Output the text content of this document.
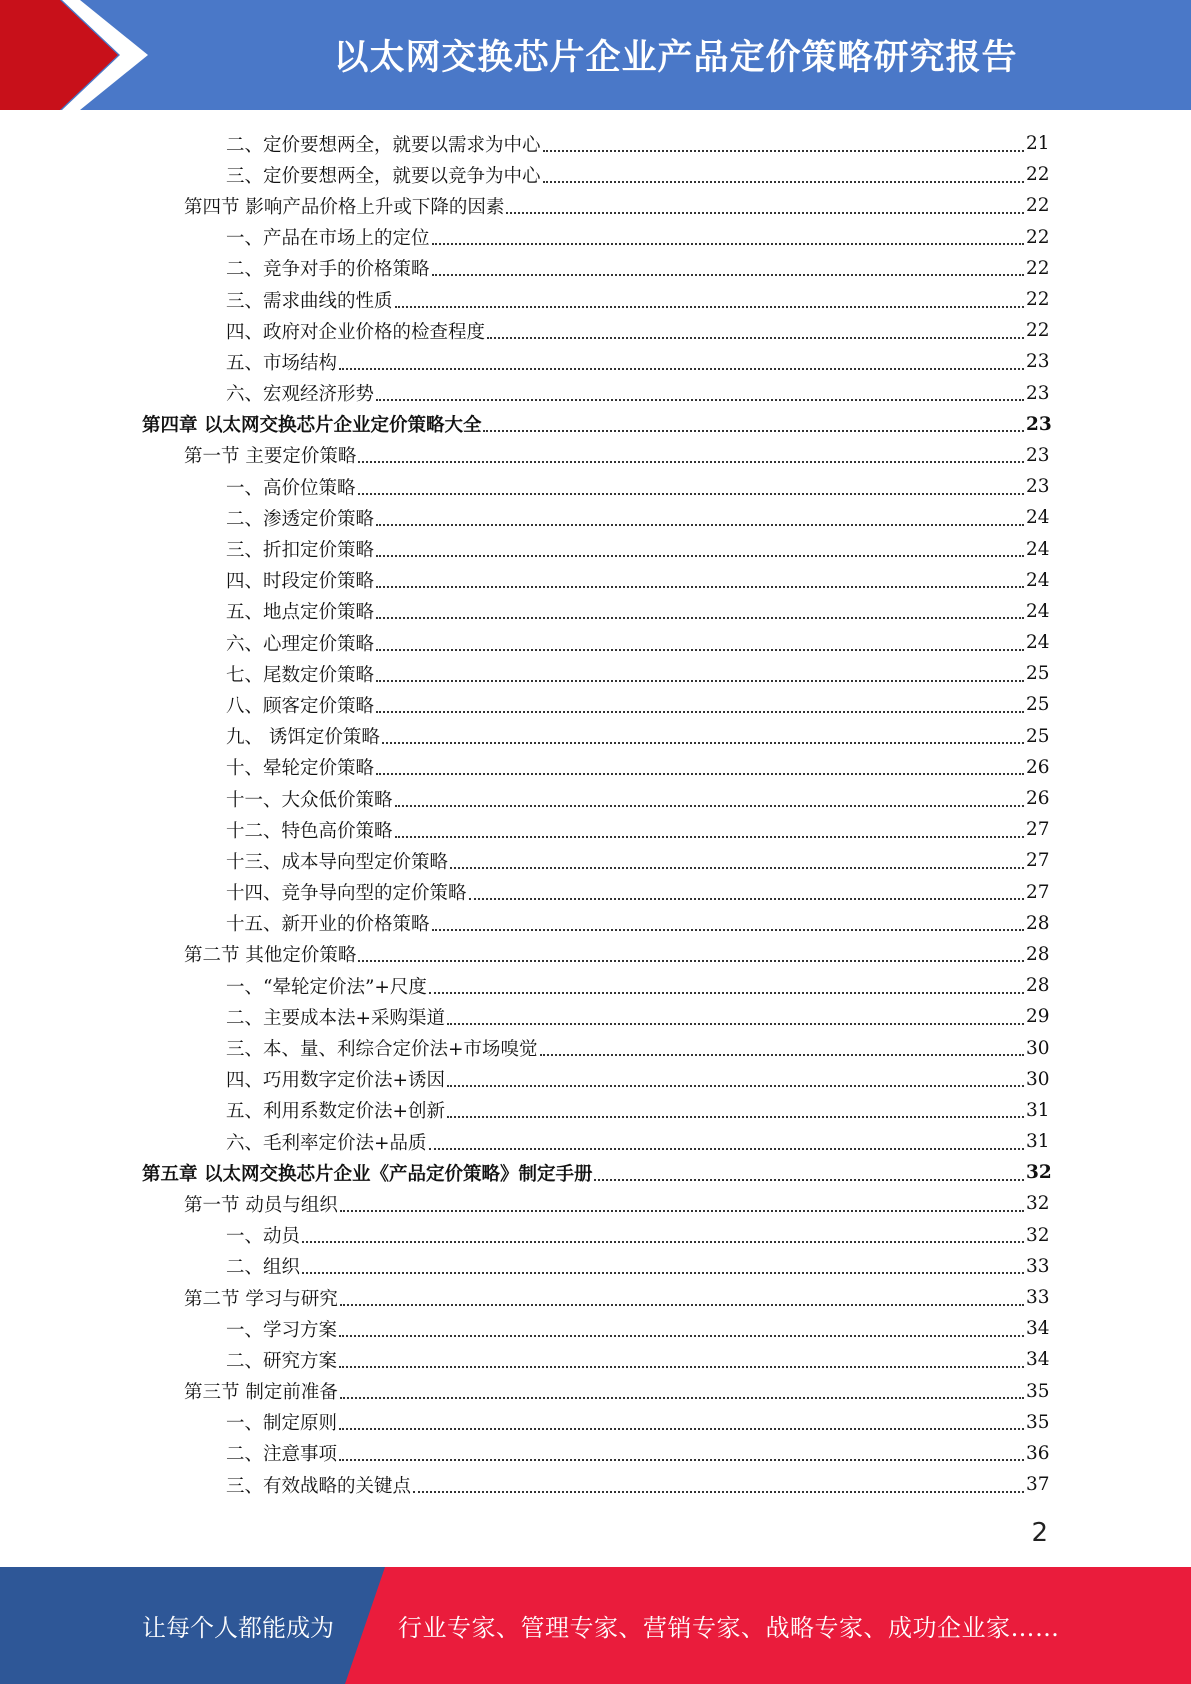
以太网交换芯片企业产品定价策略研究报告
二、定价要想两全，就要以需求为中心	21
三、定价要想两全，就要以竞争为中心	22
第四节 影响产品价格上升或下降的因素	22
一、产品在市场上的定位	22
二、竞争对手的价格策略	22
三、需求曲线的性质	22
四、政府对企业价格的检查程度	22
五、市场结构	23
六、宏观经济形势	23
第四章 以太网交换芯片企业定价策略大全	23
第一节 主要定价策略	23
一、高价位策略	23
二、渗透定价策略	24
三、折扣定价策略	24
四、时段定价策略	24
五、地点定价策略	24
六、心理定价策略	24
七、尾数定价策略	25
八、顾客定价策略	25
九、 诱饵定价策略	25
十、晕轮定价策略	26
十一、大众低价策略	26
十二、特色高价策略	27
十三、成本导向型定价策略	27
十四、竞争导向型的定价策略	27
十五、新开业的价格策略	28
第二节 其他定价策略	28
一、“晕轮定价法”+尺度	28
二、主要成本法+采购渠道	29
三、本、量、利综合定价法+市场嗅觉	30
四、巧用数字定价法+诱因	30
五、利用系数定价法+创新	31
六、毛利率定价法+品质	31
第五章 以太网交换芯片企业《产品定价策略》制定手册	32
第一节 动员与组织	32
一、动员	32
二、组织	33
第二节 学习与研究	33
一、学习方案	34
二、研究方案	34
第三节 制定前准备	35
一、制定原则	35
二、注意事项	36
三、有效战略的关键点	37
2
让每个人都能成为	行业专家、管理专家、营销专家、战略专家、成功企业家……
